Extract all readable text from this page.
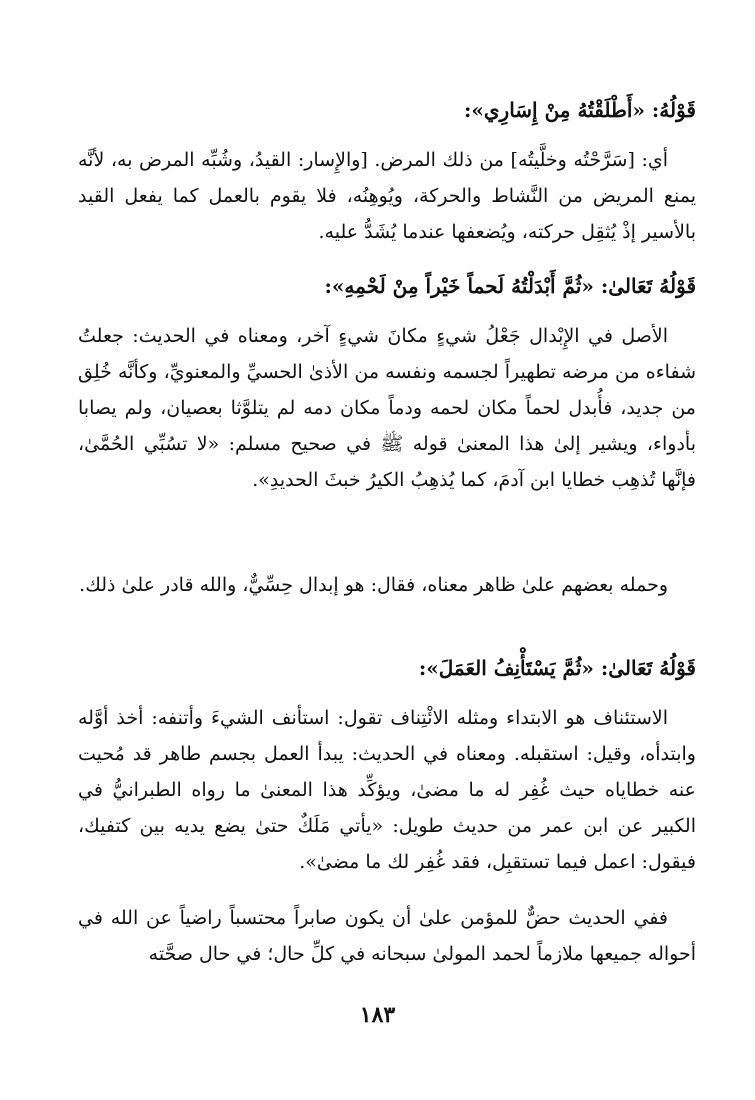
قَوْلُهُ: «أَطْلَقْتُهُ مِنْ إِسَارِي»:
أي: [سَرَّحْتُه وخلَّيتُه] من ذلك المرض. [والإِسار: القيدُ، وشُبِّه المرض به، لأنَّه يمنع المريض من النَّشاط والحركة، ويُوهِنُه، فلا يقوم بالعمل كما يفعل القيد بالأسير إذْ يُثقِل حركته، ويُضعفها عندما يُشَدُّ عليه.
قَوْلُهُ تَعَالىٰ: «ثُمَّ أَبْدَلْتُهُ لَحماً خَيْراً مِنْ لَحْمِهِ»:
الأصل في الإِبْدال جَعْلُ شيءٍ مكانَ شيءٍ آخر، ومعناه في الحديث: جعلتُ شفاءه من مرضه تطهيراً لجسمه ونفسه من الأذىٰ الحسيِّ والمعنويِّ، وكأنَّه خُلِق من جديد، فأُبدل لحماً مكان لحمه ودماً مكان دمه لم يتلوَّثا بعصيان، ولم يصابا بأدواء، ويشير إلىٰ هذا المعنىٰ قوله ﷺ في صحيح مسلم: «لا تسُبِّي الحُمَّىٰ، فإنَّها تُذهِب خطايا ابن آدمَ، كما يُذهِبُ الكيرُ خبثَ الحديدِ».
وحمله بعضهم علىٰ ظاهر معناه، فقال: هو إبدال حِسِّيٌّ، والله قادر علىٰ ذلك.
قَوْلُهُ تَعَالىٰ: «ثُمَّ يَسْتَأْنِفُ العَمَلَ»:
الاستئناف هو الابتداء ومثله الائْتِناف تقول: استأنف الشيءَ وأتنفه: أخذ أوَّله وابتدأه، وقيل: استقبله. ومعناه في الحديث: يبدأ العمل بجسم طاهر قد مُحيت عنه خطاياه حيث غُفِر له ما مضىٰ، ويؤكِّد هذا المعنىٰ ما رواه الطبرانيُّ في الكبير عن ابن عمر من حديث طويل: «يأتي مَلَكٌ حتىٰ يضع يديه بين كتفيك، فيقول: اعمل فيما تستقبِل، فقد غُفِر لك ما مضىٰ».
ففي الحديث حضٌّ للمؤمن علىٰ أن يكون صابراً محتسباً راضياً عن الله في أحواله جميعها ملازماً لحمد المولىٰ سبحانه في كلِّ حال؛ في حال صحَّته
١٨٣
